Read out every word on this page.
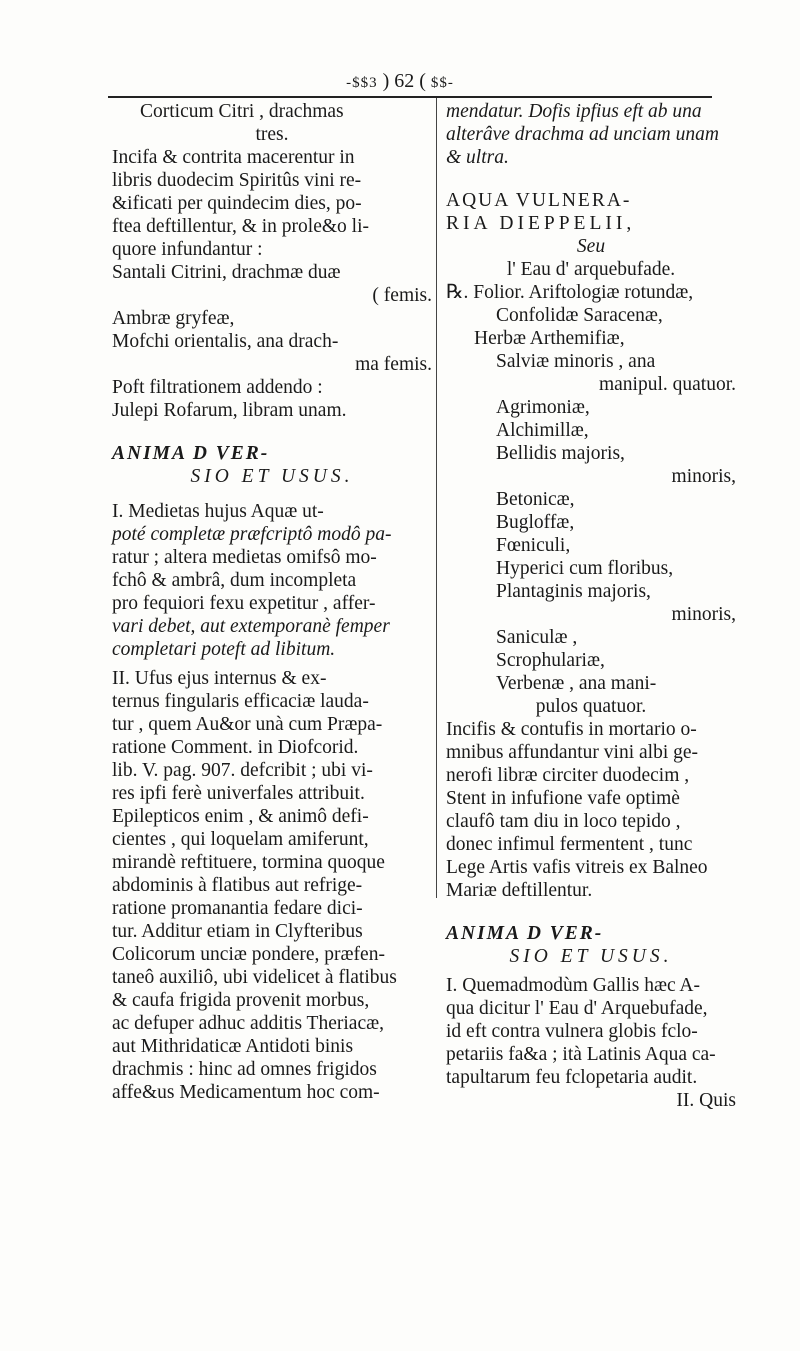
-$$3 ) 62 ( $$-

Corticum Citri , drachmas

tres.

Incifa & contrita macerentur in

libris duodecim Spiritûs vini re-

&ificati per quindecim dies, po-

ftea deftillentur, & in prole&o li-

quore infundantur :

Santali Citrini, drachmæ duæ

( femis.

Ambræ gryfeæ,

Mofchi orientalis, ana drach-

ma femis.

Poft filtrationem addendo :

Julepi Rofarum, libram unam.

ANIMA D VER-

SIO ET USUS.

I. Medietas hujus Aquæ ut-

poté completæ præfcriptô modô pa-

ratur ; altera medietas omifsô mo-

fchô & ambrâ, dum incompleta

pro fequiori fexu expetitur , affer-

vari debet, aut extemporanè femper

completari poteft ad libitum.

II. Ufus ejus internus & ex-

ternus fingularis efficaciæ lauda-

tur , quem Au&or unà cum Præpa-

ratione Comment. in Diofcorid.

lib. V. pag. 907. defcribit ; ubi vi-

res ipfi ferè univerfales attribuit.

Epilepticos enim , & animô defi-

cientes , qui loquelam amiferunt,

mirandè reftituere, tormina quoque

abdominis à flatibus aut refrige-

ratione promanantia fedare dici-

tur. Additur etiam in Clyfteribus

Colicorum unciæ pondere, præfen-

taneô auxiliô, ubi videlicet à flatibus

& caufa frigida provenit morbus,

ac defuper adhuc additis Theriacæ,

aut Mithridaticæ Antidoti binis

drachmis : hinc ad omnes frigidos

affe&us Medicamentum hoc com-

mendatur. Dofis ipfius eft ab una

alterâve drachma ad unciam unam

& ultra.

AQUA VULNERA-

RIA DIEPPELII,

Seu

l' Eau d' arquebufade.

℞. Folior. Ariftologiæ rotundæ,

Confolidæ Saracenæ,

Herbæ Arthemifiæ,

Salviæ minoris , ana

manipul. quatuor.

Agrimoniæ,

Alchimillæ,

Bellidis majoris,

minoris,

Betonicæ,

Bugloffæ,

Fœniculi,

Hyperici cum floribus,

Plantaginis majoris,

minoris,

Saniculæ ,

Scrophulariæ,

Verbenæ , ana mani-

pulos quatuor.

Incifis & contufis in mortario o-

mnibus affundantur vini albi ge-

nerofi libræ circiter duodecim ,

Stent in infufione vafe optimè

claufô tam diu in loco tepido ,

donec infimul fermentent , tunc

Lege Artis vafis vitreis ex Balneo

Mariæ deftillentur.

ANIMA D VER-

SIO ET USUS.

I. Quemadmodùm Gallis hæc A-

qua dicitur l' Eau d' Arquebufade,

id eft contra vulnera globis fclo-

petariis fa&a ; ità Latinis Aqua ca-

tapultarum feu fclopetaria audit.

II. Quis
